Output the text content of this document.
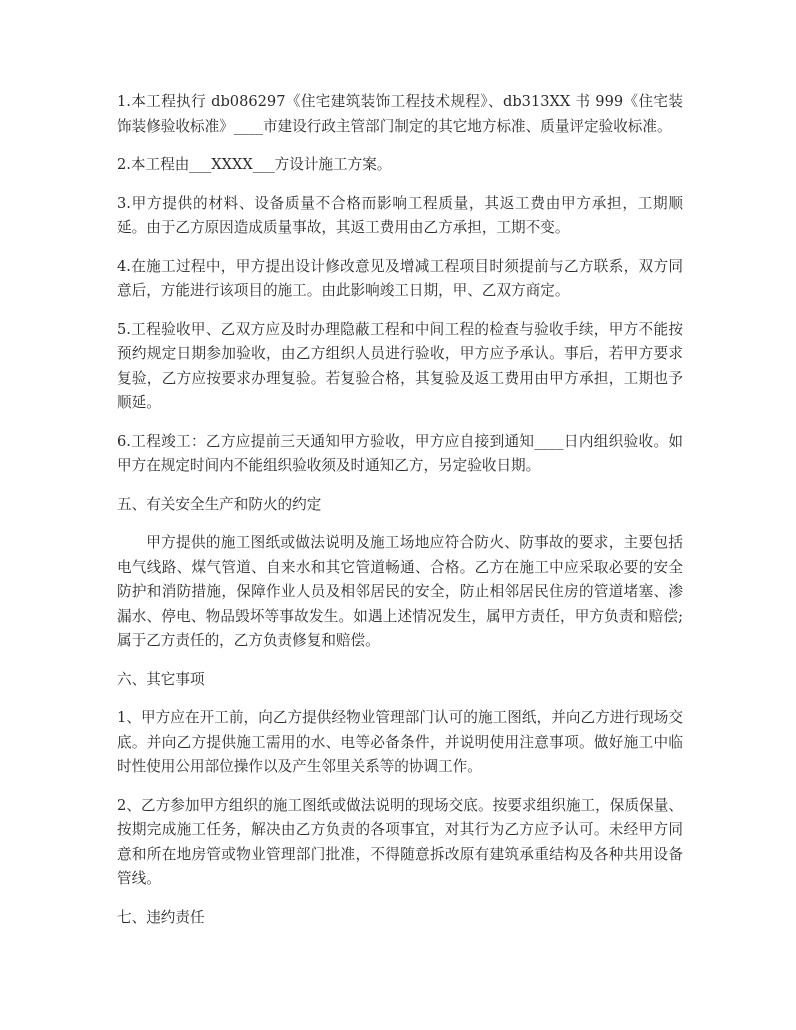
1.本工程执行 db086297《住宅建筑装饰工程技术规程》、db313XX 书 999《住宅装饰装修验收标准》____市建设行政主管部门制定的其它地方标准、质量评定验收标准。

2.本工程由___XXXX___方设计施工方案。

3.甲方提供的材料、设备质量不合格而影响工程质量，其返工费由甲方承担，工期顺延。由于乙方原因造成质量事故，其返工费用由乙方承担，工期不变。

4.在施工过程中，甲方提出设计修改意见及增减工程项目时须提前与乙方联系，双方同意后，方能进行该项目的施工。由此影响竣工日期，甲、乙双方商定。

5.工程验收甲、乙双方应及时办理隐蔽工程和中间工程的检查与验收手续，甲方不能按预约规定日期参加验收，由乙方组织人员进行验收，甲方应予承认。事后，若甲方要求复验，乙方应按要求办理复验。若复验合格，其复验及返工费用由甲方承担，工期也予顺延。

6.工程竣工：乙方应提前三天通知甲方验收，甲方应自接到通知____日内组织验收。如甲方在规定时间内不能组织验收须及时通知乙方，另定验收日期。

五、有关安全生产和防火的约定

甲方提供的施工图纸或做法说明及施工场地应符合防火、防事故的要求，主要包括电气线路、煤气管道、自来水和其它管道畅通、合格。乙方在施工中应采取必要的安全防护和消防措施，保障作业人员及相邻居民的安全，防止相邻居民住房的管道堵塞、渗漏水、停电、物品毁坏等事故发生。如遇上述情况发生，属甲方责任，甲方负责和赔偿;属于乙方责任的，乙方负责修复和赔偿。

六、其它事项

1、甲方应在开工前，向乙方提供经物业管理部门认可的施工图纸，并向乙方进行现场交底。并向乙方提供施工需用的水、电等必备条件，并说明使用注意事项。做好施工中临时性使用公用部位操作以及产生邻里关系等的协调工作。

2、乙方参加甲方组织的施工图纸或做法说明的现场交底。按要求组织施工，保质保量、按期完成施工任务，解决由乙方负责的各项事宜，对其行为乙方应予认可。未经甲方同意和所在地房管或物业管理部门批准，不得随意拆改原有建筑承重结构及各种共用设备管线。

七、违约责任
